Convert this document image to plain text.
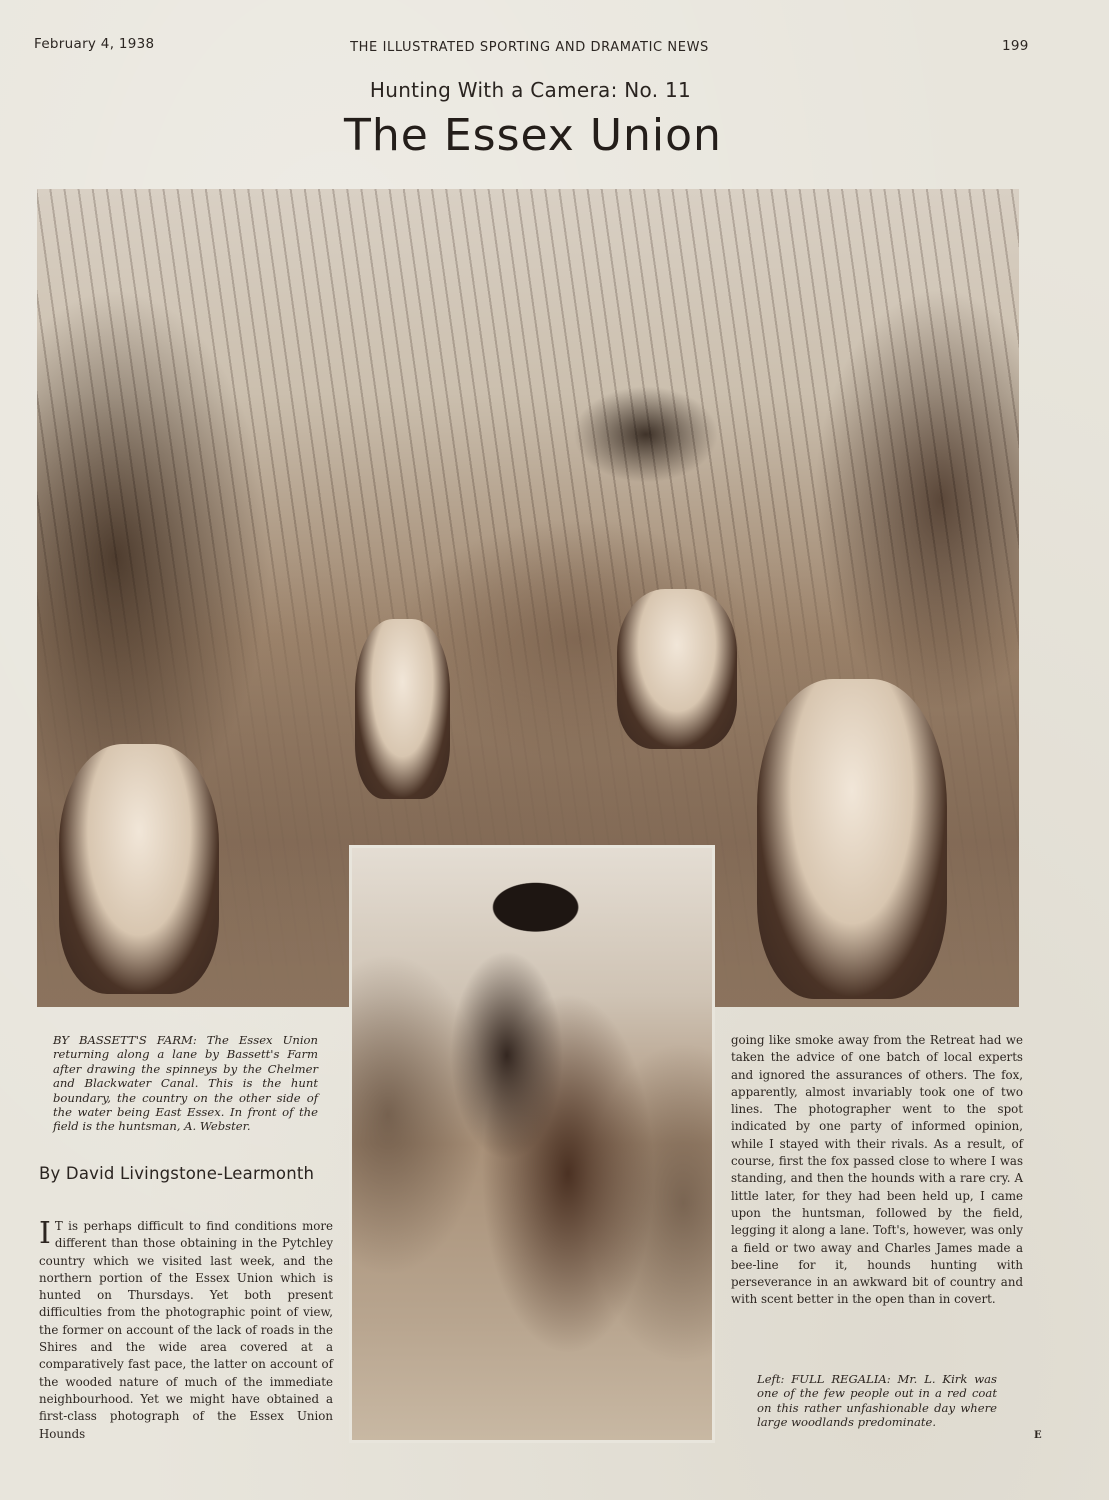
February 4, 1938	THE ILLUSTRATED SPORTING AND DRAMATIC NEWS	199
Hunting With a Camera: No. 11
The Essex Union
BY BASSETT'S FARM: The Essex Union returning along a lane by Bassett's Farm after drawing the spinneys by the Chelmer and Blackwater Canal. This is the hunt boundary, the country on the other side of the water being East Essex. In front of the field is the huntsman, A. Webster.
By David Livingstone-Learmonth
I T is perhaps difficult to find conditions more different than those obtaining in the Pytchley country which we visited last week, and the northern portion of the Essex Union which is hunted on Thursdays. Yet both present difficulties from the photographic point of view, the former on account of the lack of roads in the Shires and the wide area covered at a comparatively fast pace, the latter on account of the wooded nature of much of the immediate neighbourhood. Yet we might have obtained a first-class photograph of the Essex Union Hounds
going like smoke away from the Retreat had we taken the advice of one batch of local experts and ignored the assurances of others. The fox, apparently, almost invariably took one of two lines. The photographer went to the spot indicated by one party of informed opinion, while I stayed with their rivals. As a result, of course, first the fox passed close to where I was standing, and then the hounds with a rare cry. A little later, for they had been held up, I came upon the huntsman, followed by the field, legging it along a lane. Toft's, however, was only a field or two away and Charles James made a bee-line for it, hounds hunting with perseverance in an awkward bit of country and with scent better in the open than in covert.
Left: FULL REGALIA: Mr. L. Kirk was one of the few people out in a red coat on this rather unfashionable day where large woodlands predominate.
E
